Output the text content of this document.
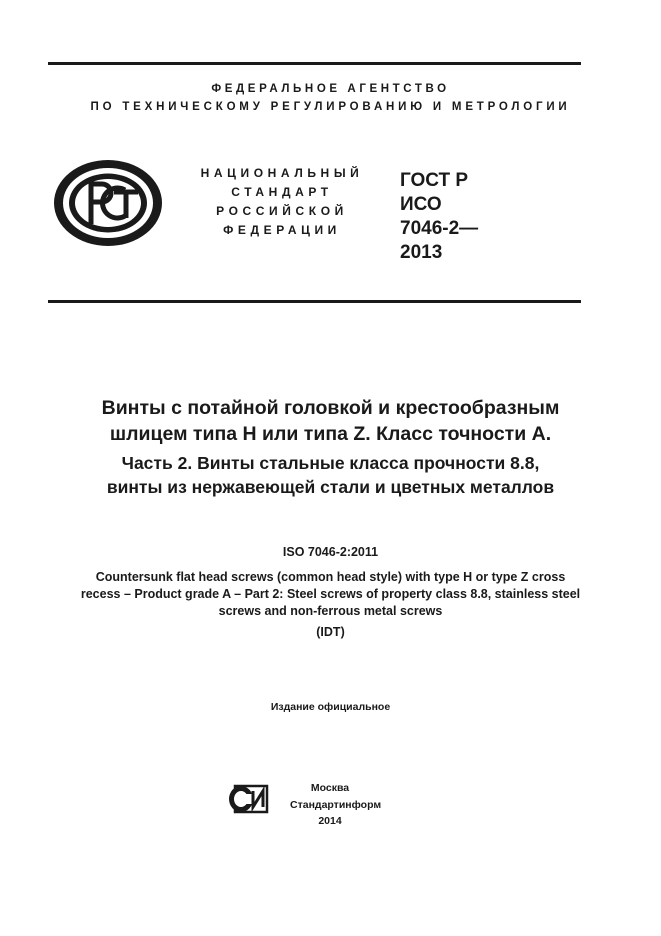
ФЕДЕРАЛЬНОЕ АГЕНТСТВО
ПО ТЕХНИЧЕСКОМУ РЕГУЛИРОВАНИЮ И МЕТРОЛОГИИ
НАЦИОНАЛЬНЫЙ
СТАНДАРТ
РОССИЙСКОЙ
ФЕДЕРАЦИИ
ГОСТ Р
ИСО
7046-2—
2013
Винты с потайной головкой и крестообразным
шлицем типа H или типа Z. Класс точности А.
Часть 2. Винты стальные класса прочности 8.8,
винты из нержавеющей стали и цветных металлов
ISO 7046-2:2011
Countersunk flat head screws (common head style) with type H or type Z cross
recess – Product grade A – Part 2: Steel screws of property class 8.8, stainless steel
screws and non-ferrous metal screws
(IDT)
Издание официальное
Москва
Стандартинформ
2014
